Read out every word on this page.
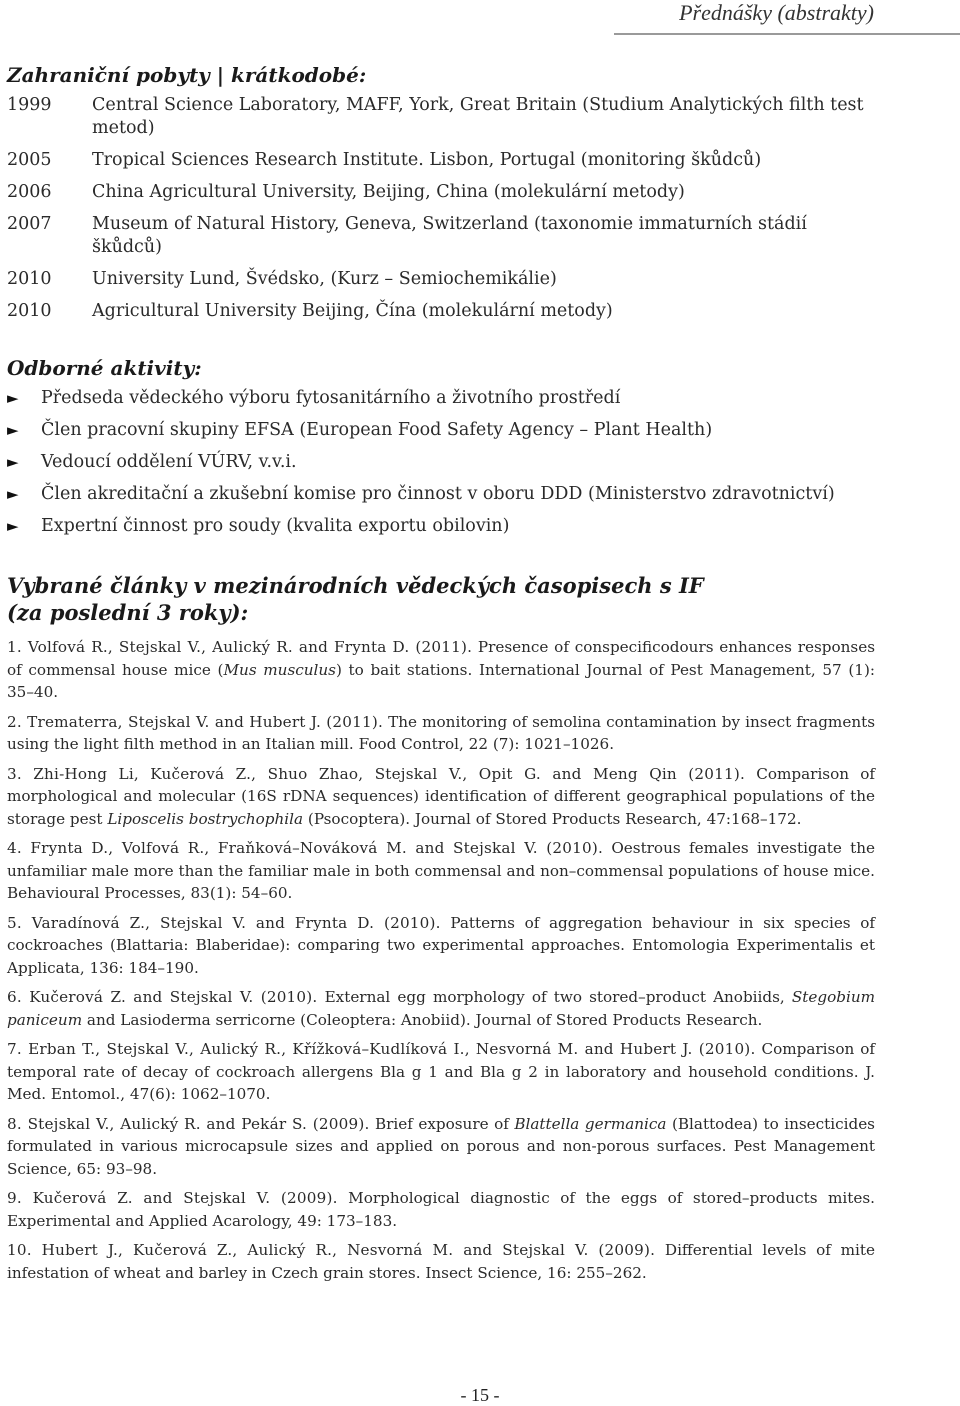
Přednášky (abstrakty)
Zahraniční pobyty | krátkodobé:
1999	Central Science Laboratory, MAFF, York, Great Britain (Studium Analytických filth test metod)
2005	Tropical Sciences Research Institute. Lisbon, Portugal (monitoring škůdců)
2006	China Agricultural University, Beijing, China (molekulární metody)
2007	Museum of Natural History, Geneva, Switzerland (taxonomie immaturních stádií škůdců)
2010	University Lund, Švédsko, (Kurz – Semiochemikálie)
2010	Agricultural University Beijing, Čína (molekulární metody)
Odborné aktivity:
►	Předseda vědeckého výboru fytosanitárního a životního prostředí
►	Člen pracovní skupiny EFSA (European Food Safety Agency – Plant Health)
►	Vedoucí oddělení VÚRV, v.v.i.
►	Člen akreditační a zkušební komise pro činnost v oboru DDD (Ministerstvo zdravotnictví)
►	Expertní činnost pro soudy (kvalita exportu obilovin)
Vybrané články v mezinárodních vědeckých časopisech s IF
(za poslední 3 roky):
1. Volfová R., Stejskal V., Aulický R. and Frynta D. (2011). Presence of conspecificodours enhances responses of commensal house mice (Mus musculus) to bait stations. International Journal of Pest Management, 57 (1): 35–40.
2. Trematerra, Stejskal V. and Hubert J. (2011). The monitoring of semolina contamination by insect fragments using the light filth method in an Italian mill. Food Control, 22 (7): 1021–1026.
3. Zhi-Hong Li, Kučerová Z., Shuo Zhao, Stejskal V., Opit G. and Meng Qin (2011). Comparison of morphological and molecular (16S rDNA sequences) identification of different geographical populations of the storage pest Liposcelis bostrychophila (Psocoptera). Journal of Stored Products Research, 47:168–172.
4. Frynta D., Volfová R., Fraňková–Nováková M. and Stejskal V. (2010). Oestrous females investigate the unfamiliar male more than the familiar male in both commensal and non–commensal populations of house mice. Behavioural Processes, 83(1): 54–60.
5. Varadínová Z., Stejskal V. and Frynta D. (2010). Patterns of aggregation behaviour in six species of cockroaches (Blattaria: Blaberidae): comparing two experimental approaches. Entomologia Experimentalis et Applicata, 136: 184–190.
6. Kučerová Z. and Stejskal V. (2010). External egg morphology of two stored–product Anobiids, Stegobium paniceum and Lasioderma serricorne (Coleoptera: Anobiid). Journal of Stored Products Research.
7. Erban T., Stejskal V., Aulický R., Křížková–Kudlíková I., Nesvorná M. and Hubert J. (2010). Comparison of temporal rate of decay of cockroach allergens Bla g 1 and Bla g 2 in laboratory and household conditions. J. Med. Entomol., 47(6): 1062–1070.
8. Stejskal V., Aulický R. and Pekár S. (2009). Brief exposure of Blattella germanica (Blattodea) to insecticides formulated in various microcapsule sizes and applied on porous and non-porous surfaces. Pest Management Science, 65: 93–98.
9. Kučerová Z. and Stejskal V. (2009). Morphological diagnostic of the eggs of stored–products mites. Experimental and Applied Acarology, 49: 173–183.
10. Hubert J., Kučerová Z., Aulický R., Nesvorná M. and Stejskal V. (2009). Differential levels of mite infestation of wheat and barley in Czech grain stores. Insect Science, 16: 255–262.
- 15 -
